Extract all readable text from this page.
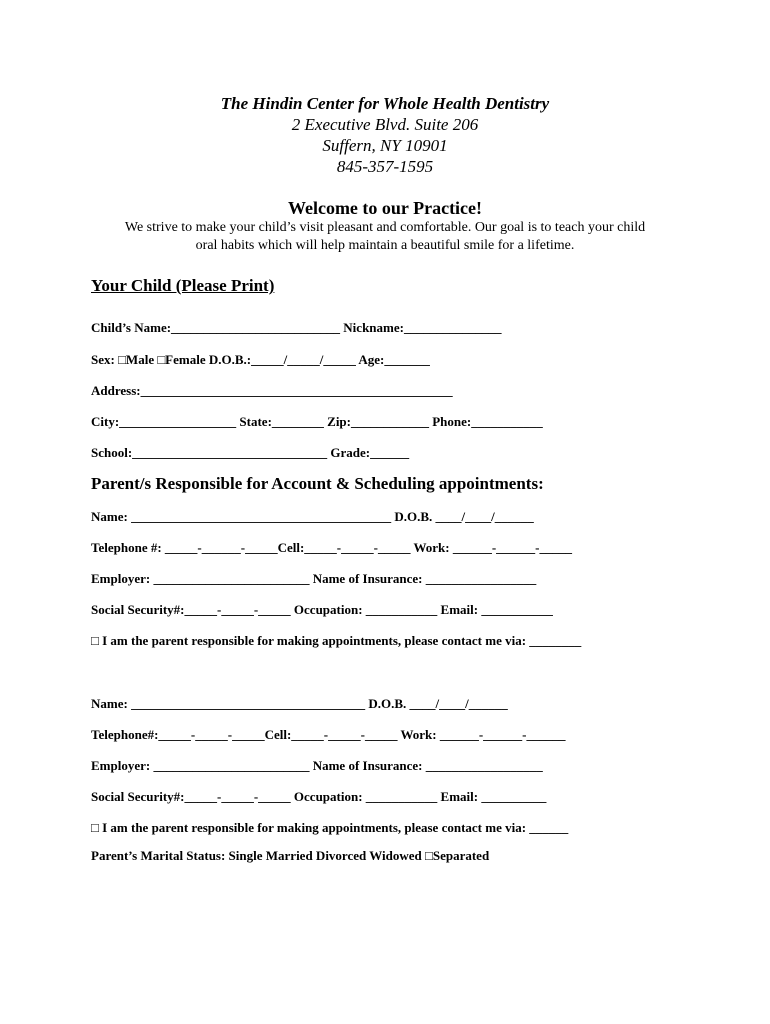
The Hindin Center for Whole Health Dentistry
2 Executive Blvd. Suite 206
Suffern, NY 10901
845-357-1595
Welcome to our Practice!
We strive to make your child’s visit pleasant and comfortable. Our goal is to teach your child
oral habits which will help maintain a beautiful smile for a lifetime.
Your Child (Please Print)
Child’s Name:__________________________ Nickname:_______________
Sex: □Male □Female D.O.B.:_____/_____/_____ Age:_______
Address:________________________________________________
City:__________________ State:________ Zip:____________ Phone:___________
School:______________________________ Grade:______
Parent/s Responsible for Account & Scheduling appointments:
Name: ________________________________________ D.O.B. ____/____/______
Telephone #: _____-______-_____Cell:_____-_____-_____ Work: ______-______-_____
Employer: ________________________ Name of Insurance: _________________
Social Security#:_____-_____-_____ Occupation: ___________ Email: ___________
□ I am the parent responsible for making appointments, please contact me via: ________
Name: ____________________________________ D.O.B. ____/____/______
Telephone#:_____-_____-_____Cell:_____-_____-_____ Work: ______-______-______
Employer: ________________________ Name of Insurance: __________________
Social Security#:_____-_____-_____ Occupation: ___________ Email: __________
□ I am the parent responsible for making appointments, please contact me via: ______
Parent’s Marital Status: Single Married Divorced Widowed □Separated
